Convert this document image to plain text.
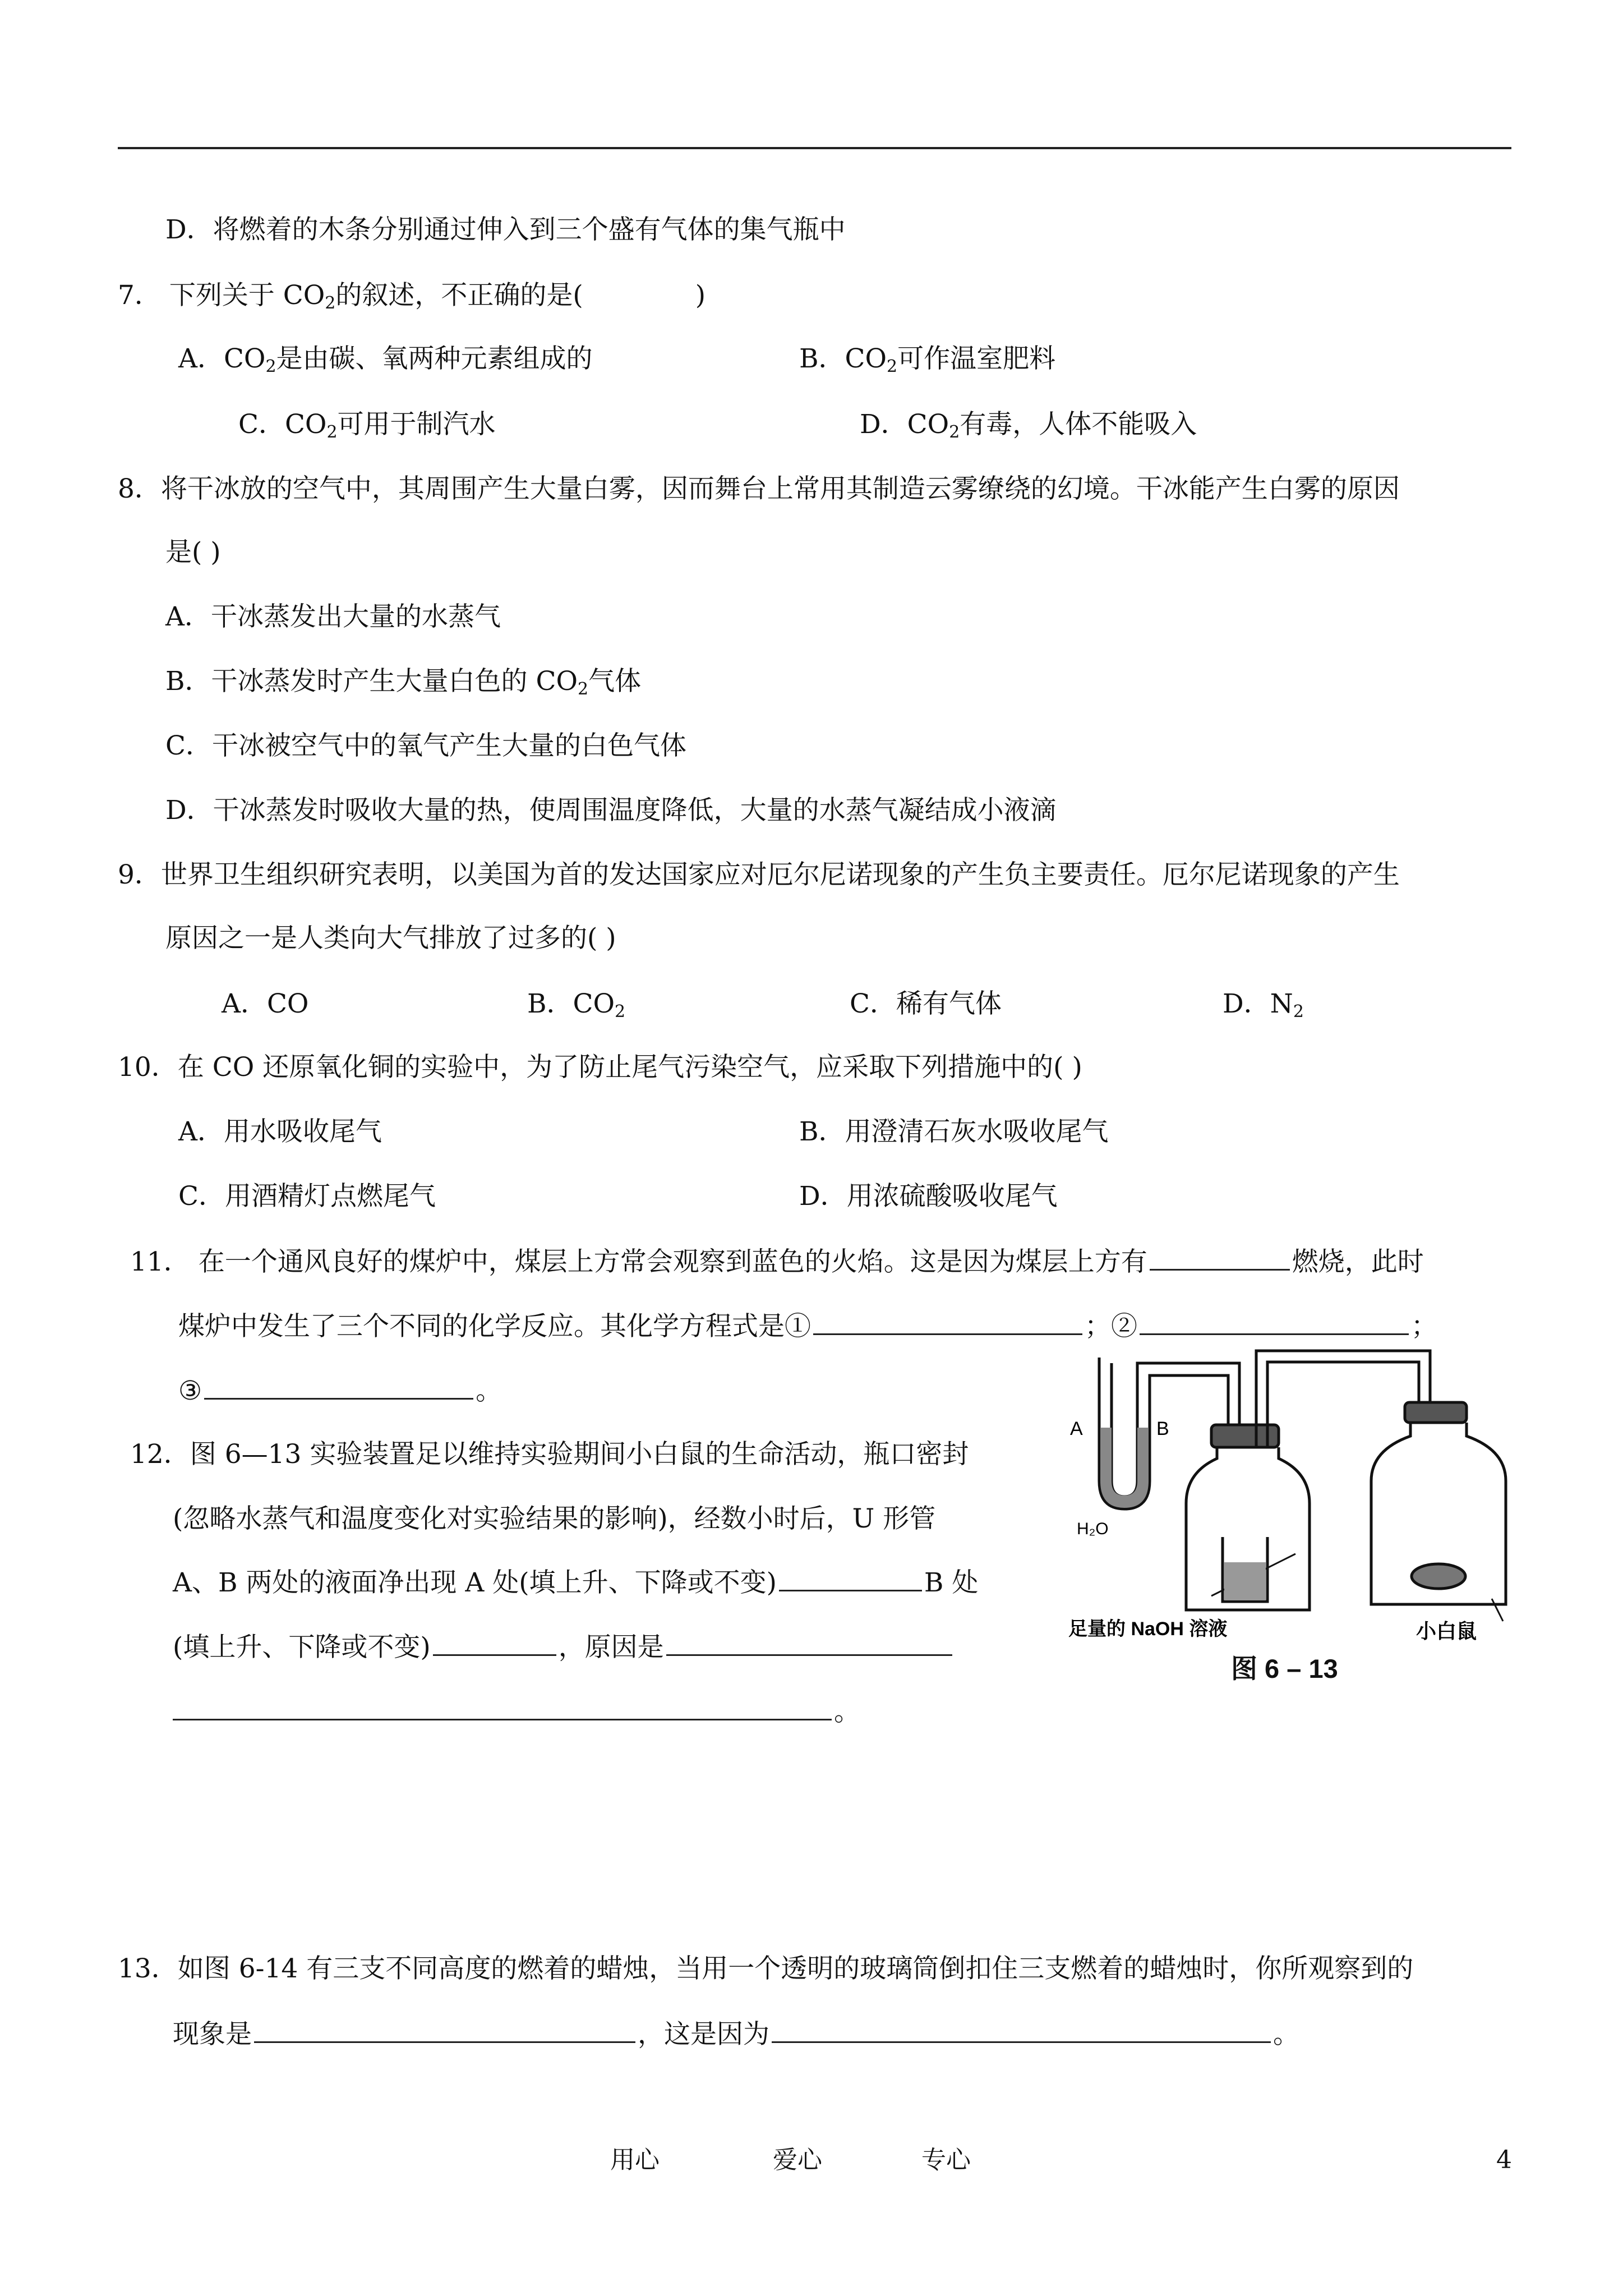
D．将燃着的木条分别通过伸入到三个盛有气体的集气瓶中
7． 下列关于 $CO_2$的叙述，不正确的是(	)
A．$CO_2$是由碳、氧两种元素组成的	B．$CO_2$可作温室肥料
C．$CO_2$可用于制汽水	D．$CO_2$有毒，人体不能吸入
8．将干冰放的空气中，其周围产生大量白雾，因而舞台上常用其制造云雾缭绕的幻境。干冰能产生白雾的原因
是( )
A．干冰蒸发出大量的水蒸气
B．干冰蒸发时产生大量白色的 $CO_2$气体
C．干冰被空气中的氧气产生大量的白色气体
D．干冰蒸发时吸收大量的热，使周围温度降低，大量的水蒸气凝结成小液滴
9．世界卫生组织研究表明，以美国为首的发达国家应对厄尔尼诺现象的产生负主要责任。厄尔尼诺现象的产生
原因之一是人类向大气排放了过多的( )
A．CO	B．$CO_2$	C．稀有气体	D．$N_2$
10．在 CO 还原氧化铜的实验中，为了防止尾气污染空气，应采取下列措施中的( )
A．用水吸收尾气	B．用澄清石灰水吸收尾气
C．用酒精灯点燃尾气	D．用浓硫酸吸收尾气
11． 在一个通风良好的煤炉中，煤层上方常会观察到蓝色的火焰。这是因为煤层上方有	燃烧，此时
煤炉中发生了三个不同的化学反应。其化学方程式是①	；②	；
③	。
12．图 6—13 实验装置足以维持实验期间小白鼠的生命活动，瓶口密封
(忽略水蒸气和温度变化对实验结果的影响)，经数小时后，U 形管
A、B 两处的液面净出现 A 处(填上升、下降或不变)	B 处
(填上升、下降或不变)	，原因是
。
A	B
H₂O
足量的 NaOH 溶液	小白鼠
图 6 – 13
13．如图 6-14 有三支不同高度的燃着的蜡烛，当用一个透明的玻璃筒倒扣住三支燃着的蜡烛时，你所观察到的
现象是	，这是因为	。
用心	爱心	专心	4
